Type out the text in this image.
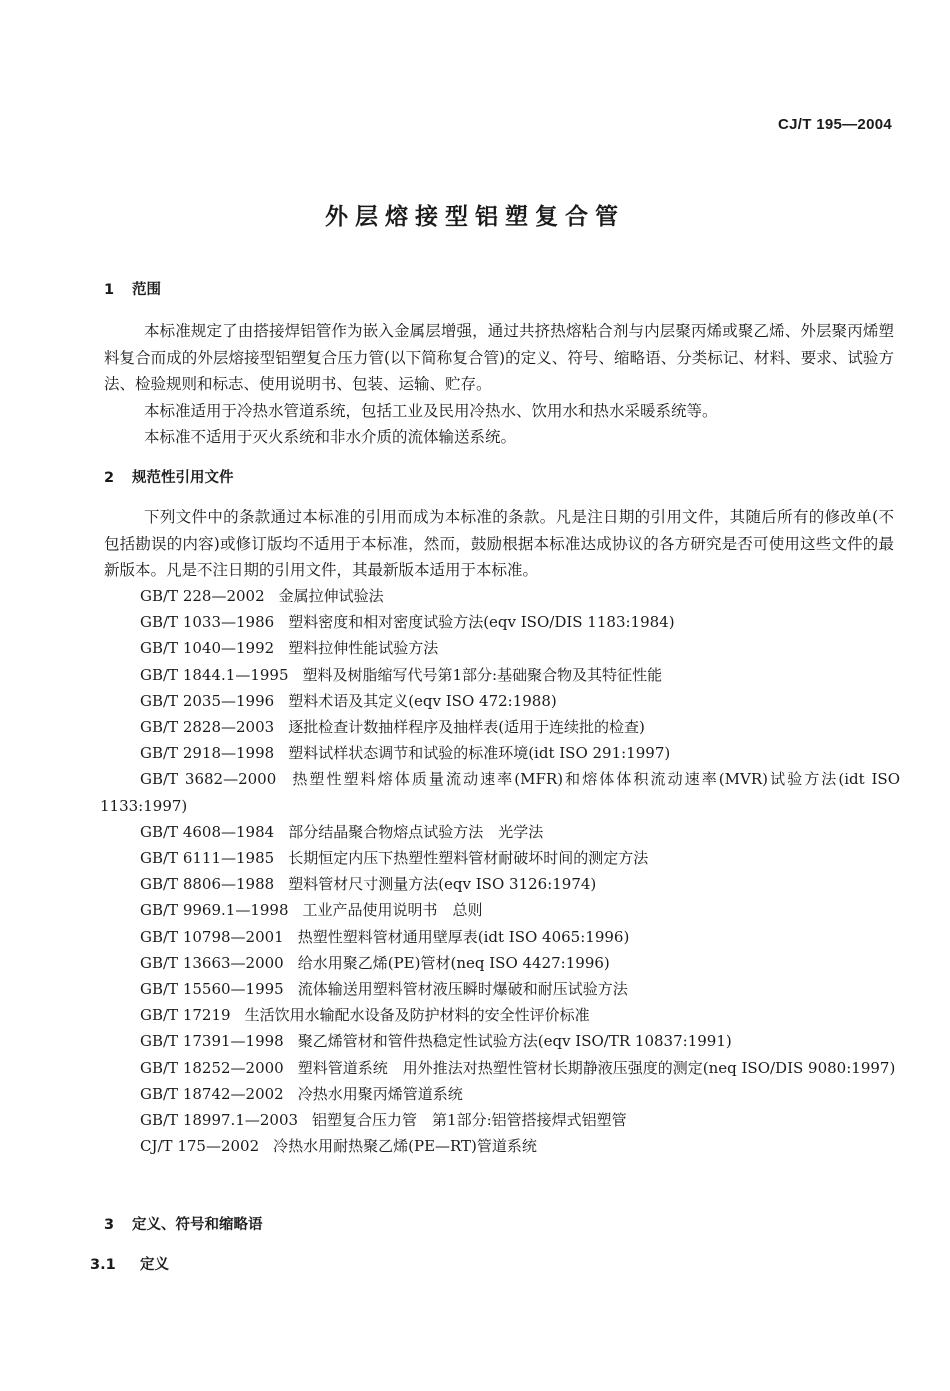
CJ/T 195—2004
外层熔接型铝塑复合管
1 范围
本标准规定了由搭接焊铝管作为嵌入金属层增强，通过共挤热熔粘合剂与内层聚丙烯或聚乙烯、外层聚丙烯塑料复合而成的外层熔接型铝塑复合压力管(以下简称复合管)的定义、符号、缩略语、分类标记、材料、要求、试验方法、检验规则和标志、使用说明书、包装、运输、贮存。
本标准适用于冷热水管道系统，包括工业及民用冷热水、饮用水和热水采暖系统等。
本标准不适用于灭火系统和非水介质的流体输送系统。
2 规范性引用文件
下列文件中的条款通过本标准的引用而成为本标准的条款。凡是注日期的引用文件，其随后所有的修改单(不包括勘误的内容)或修订版均不适用于本标准，然而，鼓励根据本标准达成协议的各方研究是否可使用这些文件的最新版本。凡是不注日期的引用文件，其最新版本适用于本标准。
GB/T 228—2002 金属拉伸试验法
GB/T 1033—1986 塑料密度和相对密度试验方法(eqv ISO/DIS 1183:1984)
GB/T 1040—1992 塑料拉伸性能试验方法
GB/T 1844.1—1995 塑料及树脂缩写代号第1部分:基础聚合物及其特征性能
GB/T 2035—1996 塑料术语及其定义(eqv ISO 472:1988)
GB/T 2828—2003 逐批检查计数抽样程序及抽样表(适用于连续批的检查)
GB/T 2918—1998 塑料试样状态调节和试验的标准环境(idt ISO 291:1997)
GB/T 3682—2000 热塑性塑料熔体质量流动速率(MFR)和熔体体积流动速率(MVR)试验方法(idt ISO 1133:1997)
GB/T 4608—1984 部分结晶聚合物熔点试验方法　光学法
GB/T 6111—1985 长期恒定内压下热塑性塑料管材耐破坏时间的测定方法
GB/T 8806—1988 塑料管材尺寸测量方法(eqv ISO 3126:1974)
GB/T 9969.1—1998 工业产品使用说明书　总则
GB/T 10798—2001 热塑性塑料管材通用壁厚表(idt ISO 4065:1996)
GB/T 13663—2000 给水用聚乙烯(PE)管材(neq ISO 4427:1996)
GB/T 15560—1995 流体输送用塑料管材液压瞬时爆破和耐压试验方法
GB/T 17219 生活饮用水输配水设备及防护材料的安全性评价标准
GB/T 17391—1998 聚乙烯管材和管件热稳定性试验方法(eqv ISO/TR 10837:1991)
GB/T 18252—2000 塑料管道系统　用外推法对热塑性管材长期静液压强度的测定(neq ISO/DIS 9080:1997)
GB/T 18742—2002 冷热水用聚丙烯管道系统
GB/T 18997.1—2003 铝塑复合压力管　第1部分:铝管搭接焊式铝塑管
CJ/T 175—2002 冷热水用耐热聚乙烯(PE—RT)管道系统
3 定义、符号和缩略语
3.1 定义
